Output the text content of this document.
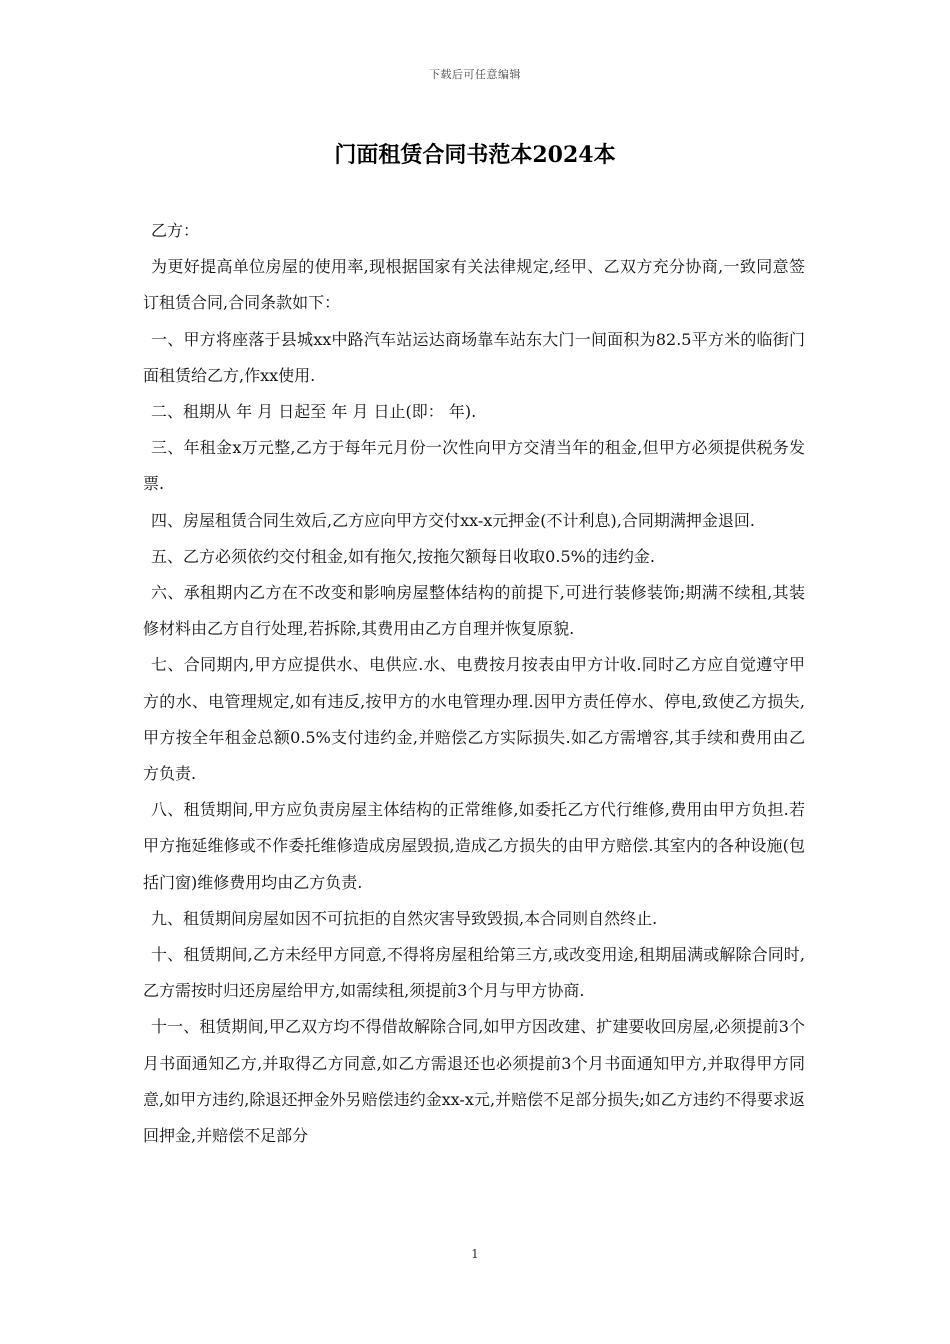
下载后可任意编辑
门面租赁合同书范本2024本

乙方：

为更好提高单位房屋的使用率,现根据国家有关法律规定,经甲、乙双方充分协商,一致同意签订租赁合同,合同条款如下：

一、甲方将座落于县城xx中路汽车站运达商场靠车站东大门一间面积为82.5平方米的临街门面租赁给乙方,作xx使用.

二、租期从 年 月 日起至 年 月 日止(即： 年).

三、年租金x万元整,乙方于每年元月份一次性向甲方交清当年的租金,但甲方必须提供税务发票.

四、房屋租赁合同生效后,乙方应向甲方交付xx-x元押金(不计利息),合同期满押金退回.

五、乙方必须依约交付租金,如有拖欠,按拖欠额每日收取0.5%的违约金.

六、承租期内乙方在不改变和影响房屋整体结构的前提下,可进行装修装饰;期满不续租,其装修材料由乙方自行处理,若拆除,其费用由乙方自理并恢复原貌.

七、合同期内,甲方应提供水、电供应.水、电费按月按表由甲方计收.同时乙方应自觉遵守甲方的水、电管理规定,如有违反,按甲方的水电管理办理.因甲方责任停水、停电,致使乙方损失,甲方按全年租金总额0.5%支付违约金,并赔偿乙方实际损失.如乙方需增容,其手续和费用由乙方负责.

八、租赁期间,甲方应负责房屋主体结构的正常维修,如委托乙方代行维修,费用由甲方负担.若甲方拖延维修或不作委托维修造成房屋毁损,造成乙方损失的由甲方赔偿.其室内的各种设施(包括门窗)维修费用均由乙方负责.

九、租赁期间房屋如因不可抗拒的自然灾害导致毁损,本合同则自然终止.

十、租赁期间,乙方未经甲方同意,不得将房屋租给第三方,或改变用途,租期届满或解除合同时,乙方需按时归还房屋给甲方,如需续租,须提前3个月与甲方协商.

十一、租赁期间,甲乙双方均不得借故解除合同,如甲方因改建、扩建要收回房屋,必须提前3个月书面通知乙方,并取得乙方同意,如乙方需退还也必须提前3个月书面通知甲方,并取得甲方同意,如甲方违约,除退还押金外另赔偿违约金xx-x元,并赔偿不足部分损失;如乙方违约不得要求返回押金,并赔偿不足部分

1
